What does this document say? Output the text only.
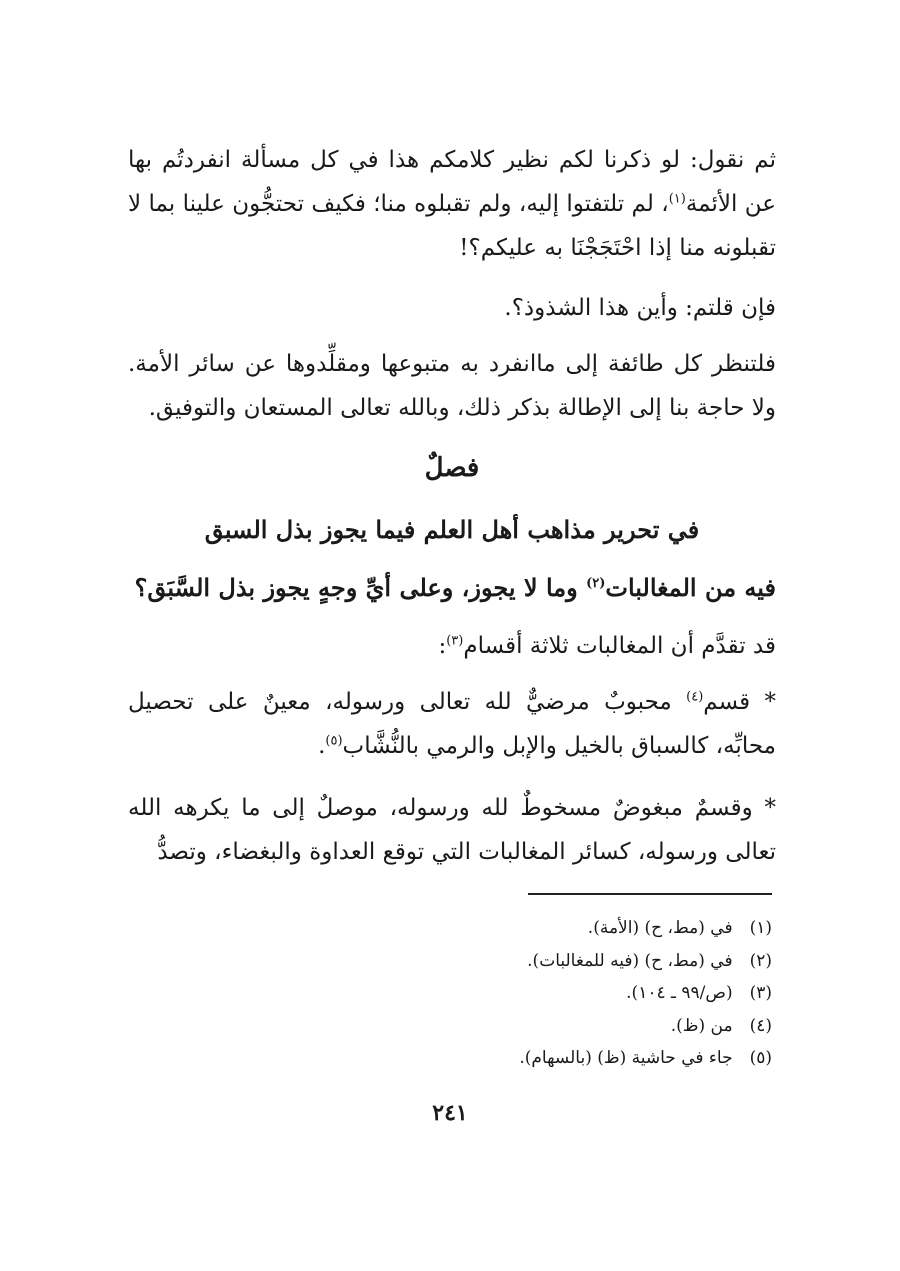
ثم نقول: لو ذكرنا لكم نظير كلامكم هذا في كل مسألة انفردتُم بها عن الأئمة$^{(١)}$، لم تلتفتوا إليه، ولم تقبلوه منا؛ فكيف تحتجُّون علينا بما لا تقبلونه منا إذا احْتَجَجْنَا به عليكم؟!
فإن قلتم: وأين هذا الشذوذ؟.
فلتنظر كل طائفة إلى ماانفرد به متبوعها ومقلِّدوها عن سائر الأمة. ولا حاجة بنا إلى الإطالة بذكر ذلك، وبالله تعالى المستعان والتوفيق.
فصلٌ
في تحرير مذاهب أهل العلم فيما يجوز بذل السبق
فيه من المغالبات$^{(٢)}$ وما لا يجوز، وعلى أيِّ وجهٍ يجوز بذل السَّبَق؟
قد تقدَّم أن المغالبات ثلاثة أقسام$^{(٣)}$:
* قسم$^{(٤)}$ محبوبٌ مرضيٌّ لله تعالى ورسوله، معينٌ على تحصيل محابِّه، كالسباق بالخيل والإبل والرمي بالنُّشَّاب$^{(٥)}$.
* وقسمٌ مبغوضٌ مسخوطٌ لله ورسوله، موصلٌ إلى ما يكرهه الله تعالى ورسوله، كسائر المغالبات التي توقع العداوة والبغضاء، وتصدُّ
(١) في (مط، ح) (الأمة).
(٢) في (مط، ح) (فيه للمغالبات).
(٣) (ص/٩٩ ـ ١٠٤).
(٤) من (ظ).
(٥) جاء في حاشية (ظ) (بالسهام).
٢٤١
